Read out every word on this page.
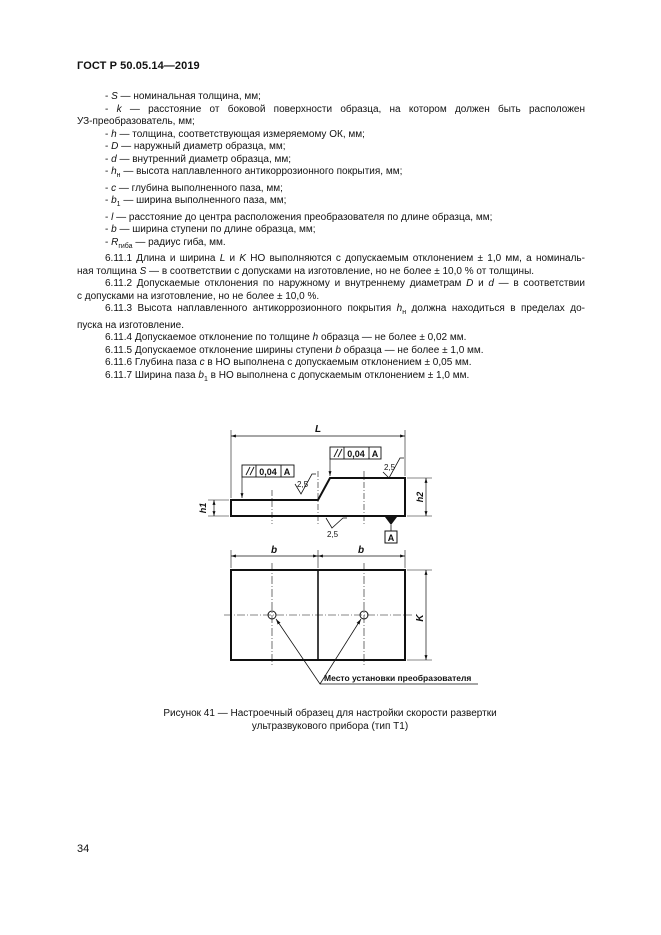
ГОСТ Р 50.05.14—2019
- S — номинальная толщина, мм;
- k — расстояние от боковой поверхности образца, на котором должен быть расположен
УЗ-преобразователь, мм;
- h — толщина, соответствующая измеряемому ОК, мм;
- D — наружный диаметр образца, мм;
- d — внутренний диаметр образца, мм;
- $h_н$ — высота наплавленного антикоррозионного покрытия, мм;
- c — глубина выполненного паза, мм;
- $b_1$ — ширина выполненного паза, мм;
- l — расстояние до центра расположения преобразователя по длине образца, мм;
- b — ширина ступени по длине образца, мм;
- $R_{гиба}$ — радиус гиба, мм.
6.11.1 Длина и ширина L и K НО выполняются с допускаемым отклонением ± 1,0 мм, а номиналь-
ная толщина S — в соответствии с допусками на изготовление, но не более ± 10,0 % от толщины.
6.11.2 Допускаемые отклонения по наружному и внутреннему диаметрам D и d — в соответствии
с допусками на изготовление, но не более ± 10,0 %.
6.11.3 Высота наплавленного антикоррозионного покрытия $h_н$ должна находиться в пределах до-
пуска на изготовление.
6.11.4 Допускаемое отклонение по толщине h образца — не более ± 0,02 мм.
6.11.5 Допускаемое отклонение ширины ступени b образца — не более ± 1,0 мм.
6.11.6 Глубина паза c в НО выполнена с допускаемым отклонением ± 0,05 мм.
6.11.7 Ширина паза $b_1$ в НО выполнена с допускаемым отклонением ± 1,0 мм.
L
h1
h2
0,04 A
0,04 A
2,5
2,5
2,5	A
b	b
K
Место установки преобразователя
Рисунок 41 — Настроечный образец для настройки скорости развертки
ультразвукового прибора (тип Т1)
34
